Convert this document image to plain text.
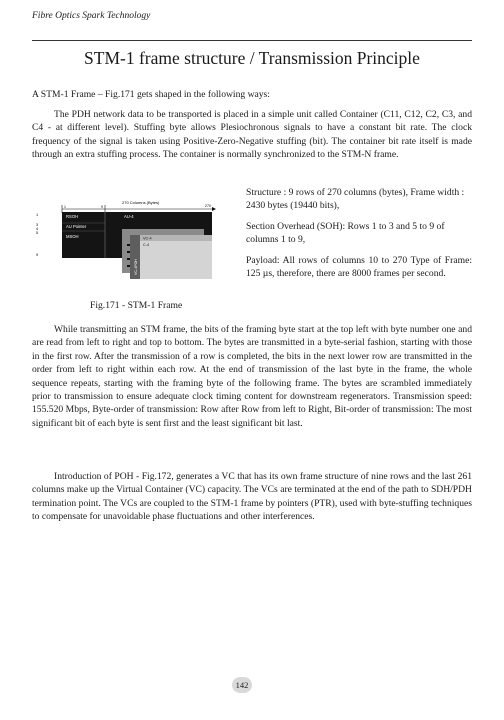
Fibre Optics Spark Technology
STM-1 frame structure / Transmission Principle

A STM-1 Frame – Fig.171 gets shaped in the following ways:

The PDH network data to be transported is placed in a simple unit called Container (C11, C12, C2, C3, and C4 - at different level). Stuffing byte allows Plesiochronous signals to have a constant bit rate. The clock frequency of the signal is taken using Positive-Zero-Negative stuffing (bit). The container bit rate itself is made through an extra stuffing process. The container is normally synchronized to the STM-N frame.

270 Columns (Bytes)
1	9	270
RSOH
AU Pointer
MSOH
AU-4
1
3
4
5
9
VC-4
C-4
VC-4POH

Structure : 9 rows of 270 columns (bytes), Frame width : 2430 bytes (19440 bits),

Section Overhead (SOH): Rows 1 to 3 and 5 to 9 of columns 1 to 9,

Payload: All rows of columns 10 to 270 Type of Frame: 125 µs, therefore, there are 8000 frames per second.

Fig.171 - STM-1 Frame

While transmitting an STM frame, the bits of the framing byte start at the top left with byte number one and are read from left to right and top to bottom. The bytes are transmitted in a byte-serial fashion, starting with those in the first row. After the transmission of a row is completed, the bits in the next lower row are transmitted in the order from left to right within each row. At the end of transmission of the last byte in the frame, the whole sequence repeats, starting with the framing byte of the following frame. The bytes are scrambled immediately prior to transmission to ensure adequate clock timing content for downstream regenerators. Transmission speed: 155.520 Mbps, Byte-order of transmission: Row after Row from left to Right, Bit-order of transmission: The most significant bit of each byte is sent first and the least significant bit last.

Introduction of POH - Fig.172, generates a VC that has its own frame structure of nine rows and the last 261 columns make up the Virtual Container (VC) capacity. The VCs are terminated at the end of the path to SDH/PDH termination point. The VCs are coupled to the STM-1 frame by pointers (PTR), used with byte-stuffing techniques to compensate for unavoidable phase fluctuations and other interferences.

142
